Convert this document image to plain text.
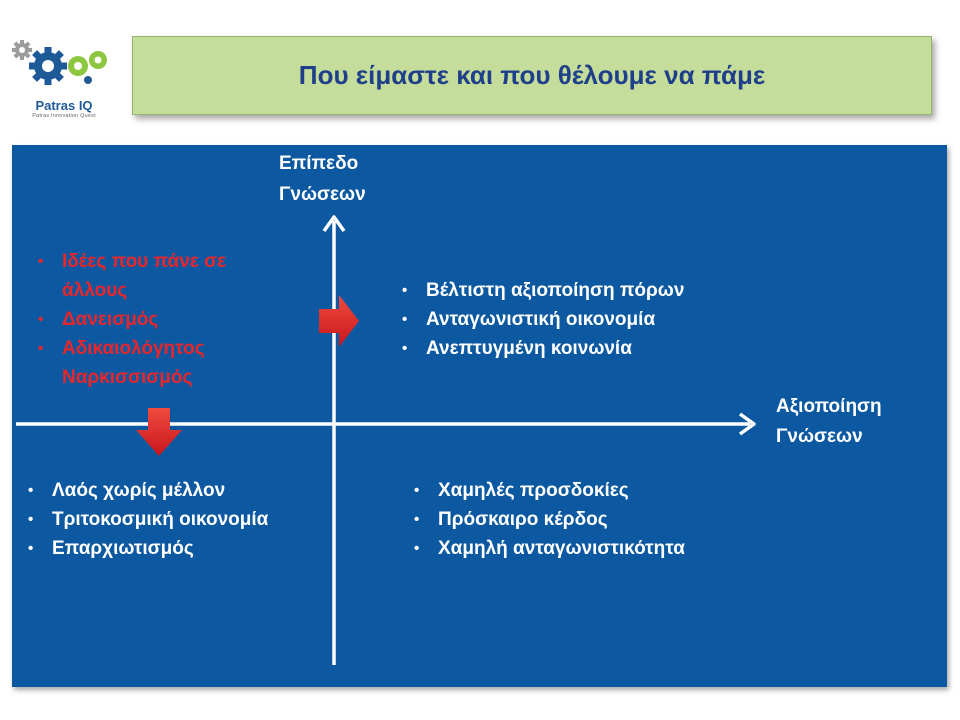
Patras IQ
Patras Innovation Quest
Που είμαστε και που θέλουμε να πάμε

Επίπεδο

Γνώσεων

Αξιοποίηση

Γνώσεων

• Ιδέες που πάνε σε άλλους
• Δανεισμός
• Αδικαιολόγητος Ναρκισσισμός
• Βέλτιστη αξιοποίηση πόρων
• Ανταγωνιστική οικονομία
• Ανεπτυγμένη κοινωνία
• Λαός χωρίς μέλλον
• Τριτοκοσμική οικονομία
• Επαρχιωτισμός
• Χαμηλές προσδοκίες
• Πρόσκαιρο κέρδος
• Χαμηλή ανταγωνιστικότητα
